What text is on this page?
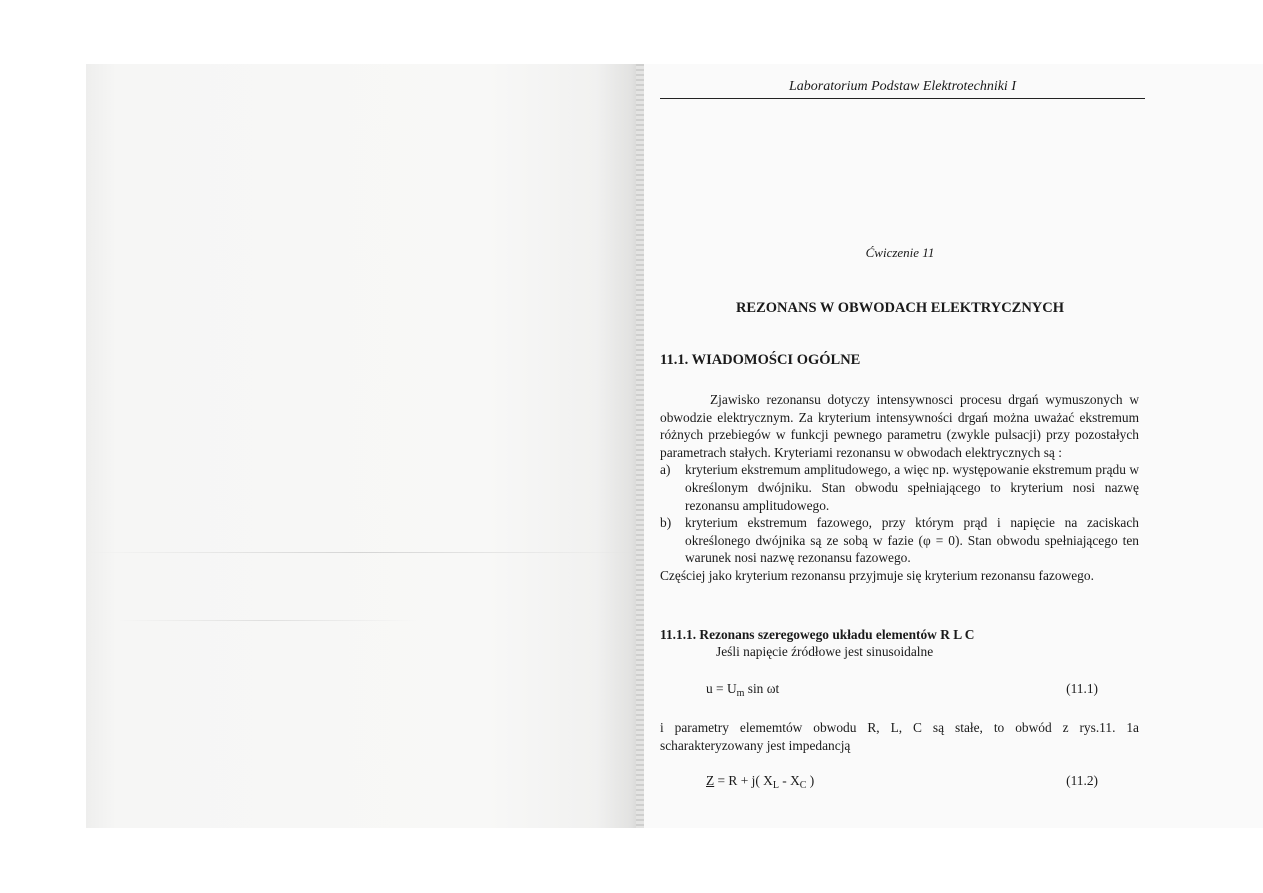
Laboratorium Podstaw Elektrotechniki I
Ćwiczenie 11
REZONANS W OBWODACH ELEKTRYCZNYCH
11.1. WIADOMOŚCI OGÓLNE

Zjawisko rezonansu dotyczy intensywnosci procesu drgań wymuszonych w obwodzie elektrycznym. Za kryterium intensywności drgań można uważać ekstremum różnych przebiegów w funkcji pewnego parametru (zwykle pulsacji) przy pozostałych parametrach stałych. Kryteriami rezonansu w obwodach elektrycznych są :

a)	kryterium ekstremum amplitudowego, a więc np. występowanie ekstremum prądu w określonym dwójniku. Stan obwodu spełniającego to kryterium nosi nazwę rezonansu amplitudowego.
b)	kryterium ekstremum fazowego, przy którym prąd i napięcie na zaciskach określonego dwójnika są ze sobą w fazie (φ = 0). Stan obwodu spełniającego ten warunek nosi nazwę rezonansu fazowego.

Częściej jako kryterium rezonansu przyjmuje się kryterium rezonansu fazowego.

11.1.1. Rezonans szeregowego układu elementów R L C
Jeśli napięcie źródłowe jest sinusoidalne
$u = U_m$ sin ωt	(11.1)
i parametry elememtów obwodu R, L, C są stałe, to obwód z rys.11. 1a scharakteryzowany jest impedancją
Z = R + j( $X_L - X_C$ )	(11.2)
